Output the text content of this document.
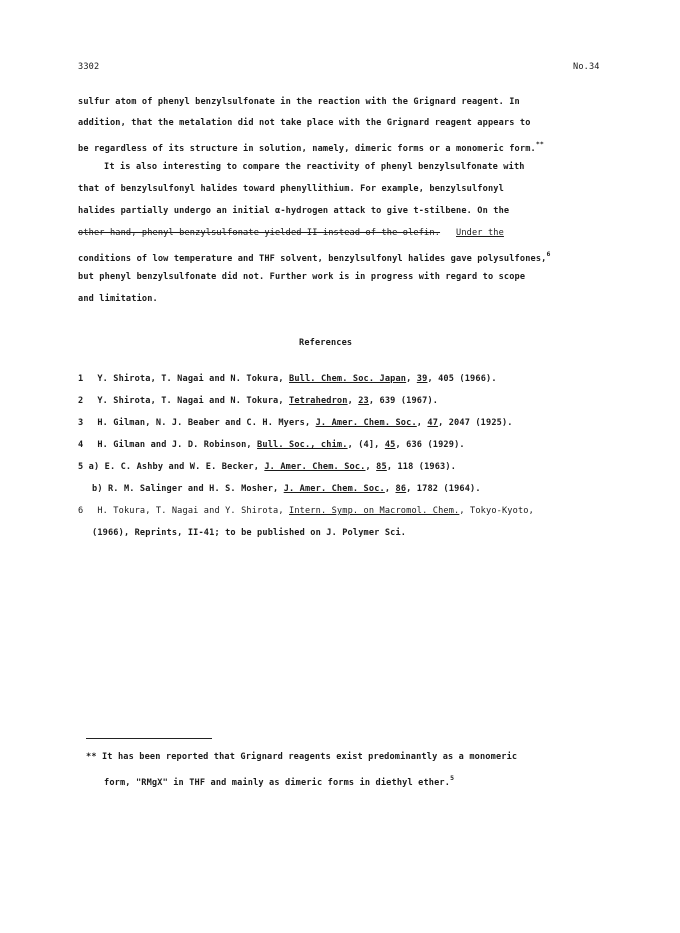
3302	No.34
sulfur atom of phenyl benzylsulfonate in the reaction with the Grignard reagent. In
addition, that the metalation did not take place with the Grignard reagent appears to
be regardless of its structure in solution, namely, dimeric forms or a monomeric form.**
It is also interesting to compare the reactivity of phenyl benzylsulfonate with
that of benzylsulfonyl halides toward phenyllithium. For example, benzylsulfonyl
halides partially undergo an initial α-hydrogen attack to give t-stilbene. On the
other hand, phenyl benzylsulfonate yielded II instead of the olefin. Under the
conditions of low temperature and THF solvent, benzylsulfonyl halides gave polysulfones,$^6$
but phenyl benzylsulfonate did not. Further work is in progress with regard to scope
and limitation.
References
1 Y. Shirota, T. Nagai and N. Tokura, Bull. Chem. Soc. Japan, 39, 405 (1966).
2 Y. Shirota, T. Nagai and N. Tokura, Tetrahedron, 23, 639 (1967).
3 H. Gilman, N. J. Beaber and C. H. Myers, J. Amer. Chem. Soc., 47, 2047 (1925).
4 H. Gilman and J. D. Robinson, Bull. Soc., chim., (4], 45, 636 (1929).
5 a) E. C. Ashby and W. E. Becker, J. Amer. Chem. Soc., 85, 118 (1963).
b) R. M. Salinger and H. S. Mosher, J. Amer. Chem. Soc., 86, 1782 (1964).
6 H. Tokura, T. Nagai and Y. Shirota, Intern. Symp. on Macromol. Chem., Tokyo-Kyoto,
(1966), Reprints, II-41; to be published on J. Polymer Sci.
** It has been reported that Grignard reagents exist predominantly as a monomeric
form, "RMgX" in THF and mainly as dimeric forms in diethyl ether.$^5$
